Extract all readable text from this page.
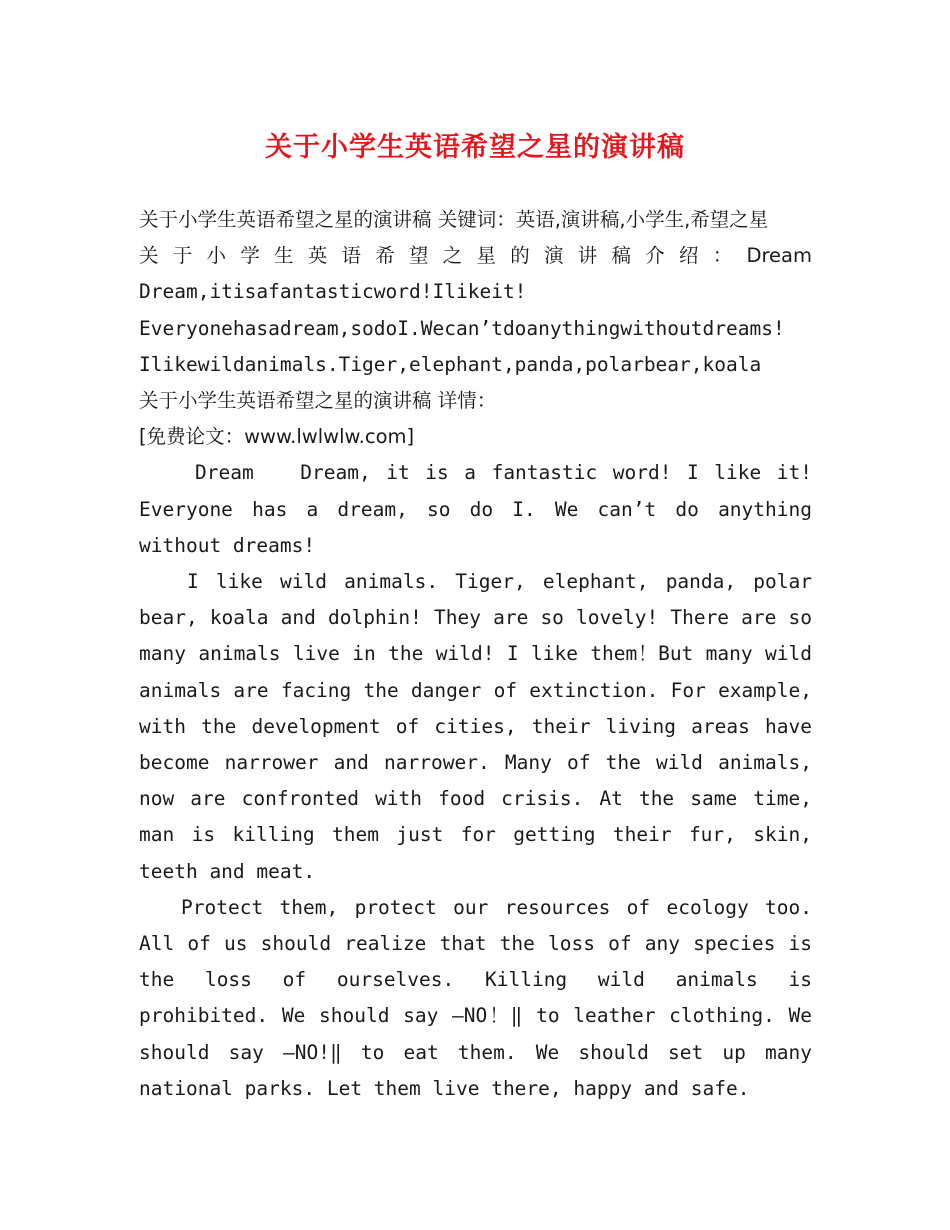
关于小学生英语希望之星的演讲稿

关于小学生英语希望之星的演讲稿 关键词：英语,演讲稿,小学生,希望之星

关 于 小 学 生 英 语 希 望 之 星 的 演 讲 稿 介 绍 ： Dream

Dream,itisafantasticword!Ilikeit!

Everyonehasadream,sodoI.Wecan’tdoanythingwithoutdreams!

Ilikewildanimals.Tiger,elephant,panda,polarbear,koala

关于小学生英语希望之星的演讲稿 详情：

[免费论文：www.lwlwlw.com]

Dream   Dream, it is a fantastic word! I like it! Everyone has a dream, so do I. We can’t do anything without dreams!

I like wild animals. Tiger, elephant, panda, polar bear, koala and dolphin! They are so lovely! There are so many animals live in the wild! I like them！But many wild animals are facing the danger of extinction. For example, with the development of cities, their living areas have become narrower and narrower. Many of the wild animals, now are confronted with food crisis. At the same time, man is killing them just for getting their fur, skin, teeth and meat.

Protect them, protect our resources of ecology too. All of us should realize that the loss of any species is the loss of ourselves. Killing wild animals is prohibited. We should say ―NO！‖ to leather clothing. We should say ―NO!‖ to eat them. We should set up many national parks. Let them live there, happy and safe.
